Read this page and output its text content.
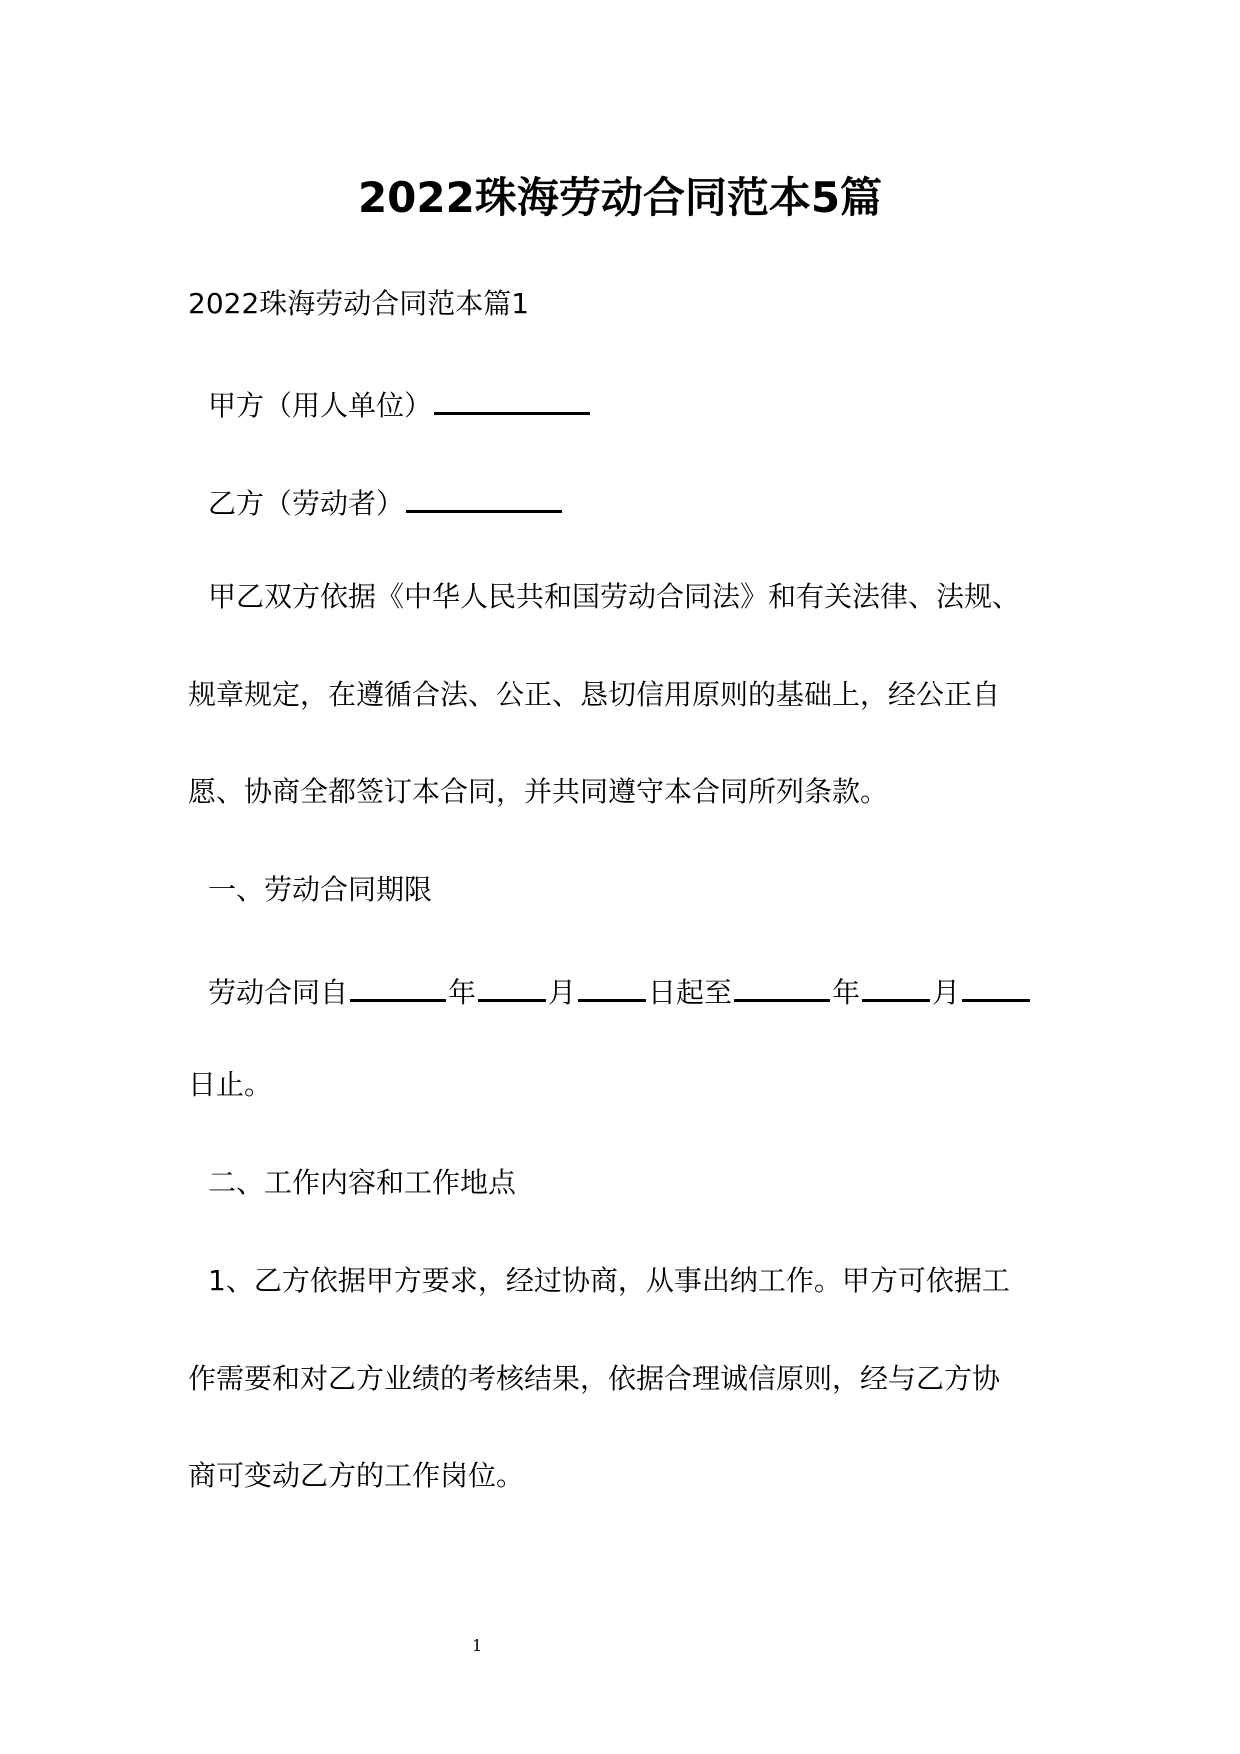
2022珠海劳动合同范本5篇
2022珠海劳动合同范本篇1
甲方（用人单位）
乙方（劳动者）
甲乙双方依据《中华人民共和国劳动合同法》和有关法律、法规、
规章规定，在遵循合法、公正、恳切信用原则的基础上，经公正自
愿、协商全都签订本合同，并共同遵守本合同所列条款。
一、劳动合同期限
劳动合同自	年	月	日起至	年	月
日止。
二、工作内容和工作地点
1、乙方依据甲方要求，经过协商，从事出纳工作。甲方可依据工
作需要和对乙方业绩的考核结果，依据合理诚信原则，经与乙方协
商可变动乙方的工作岗位。
1
